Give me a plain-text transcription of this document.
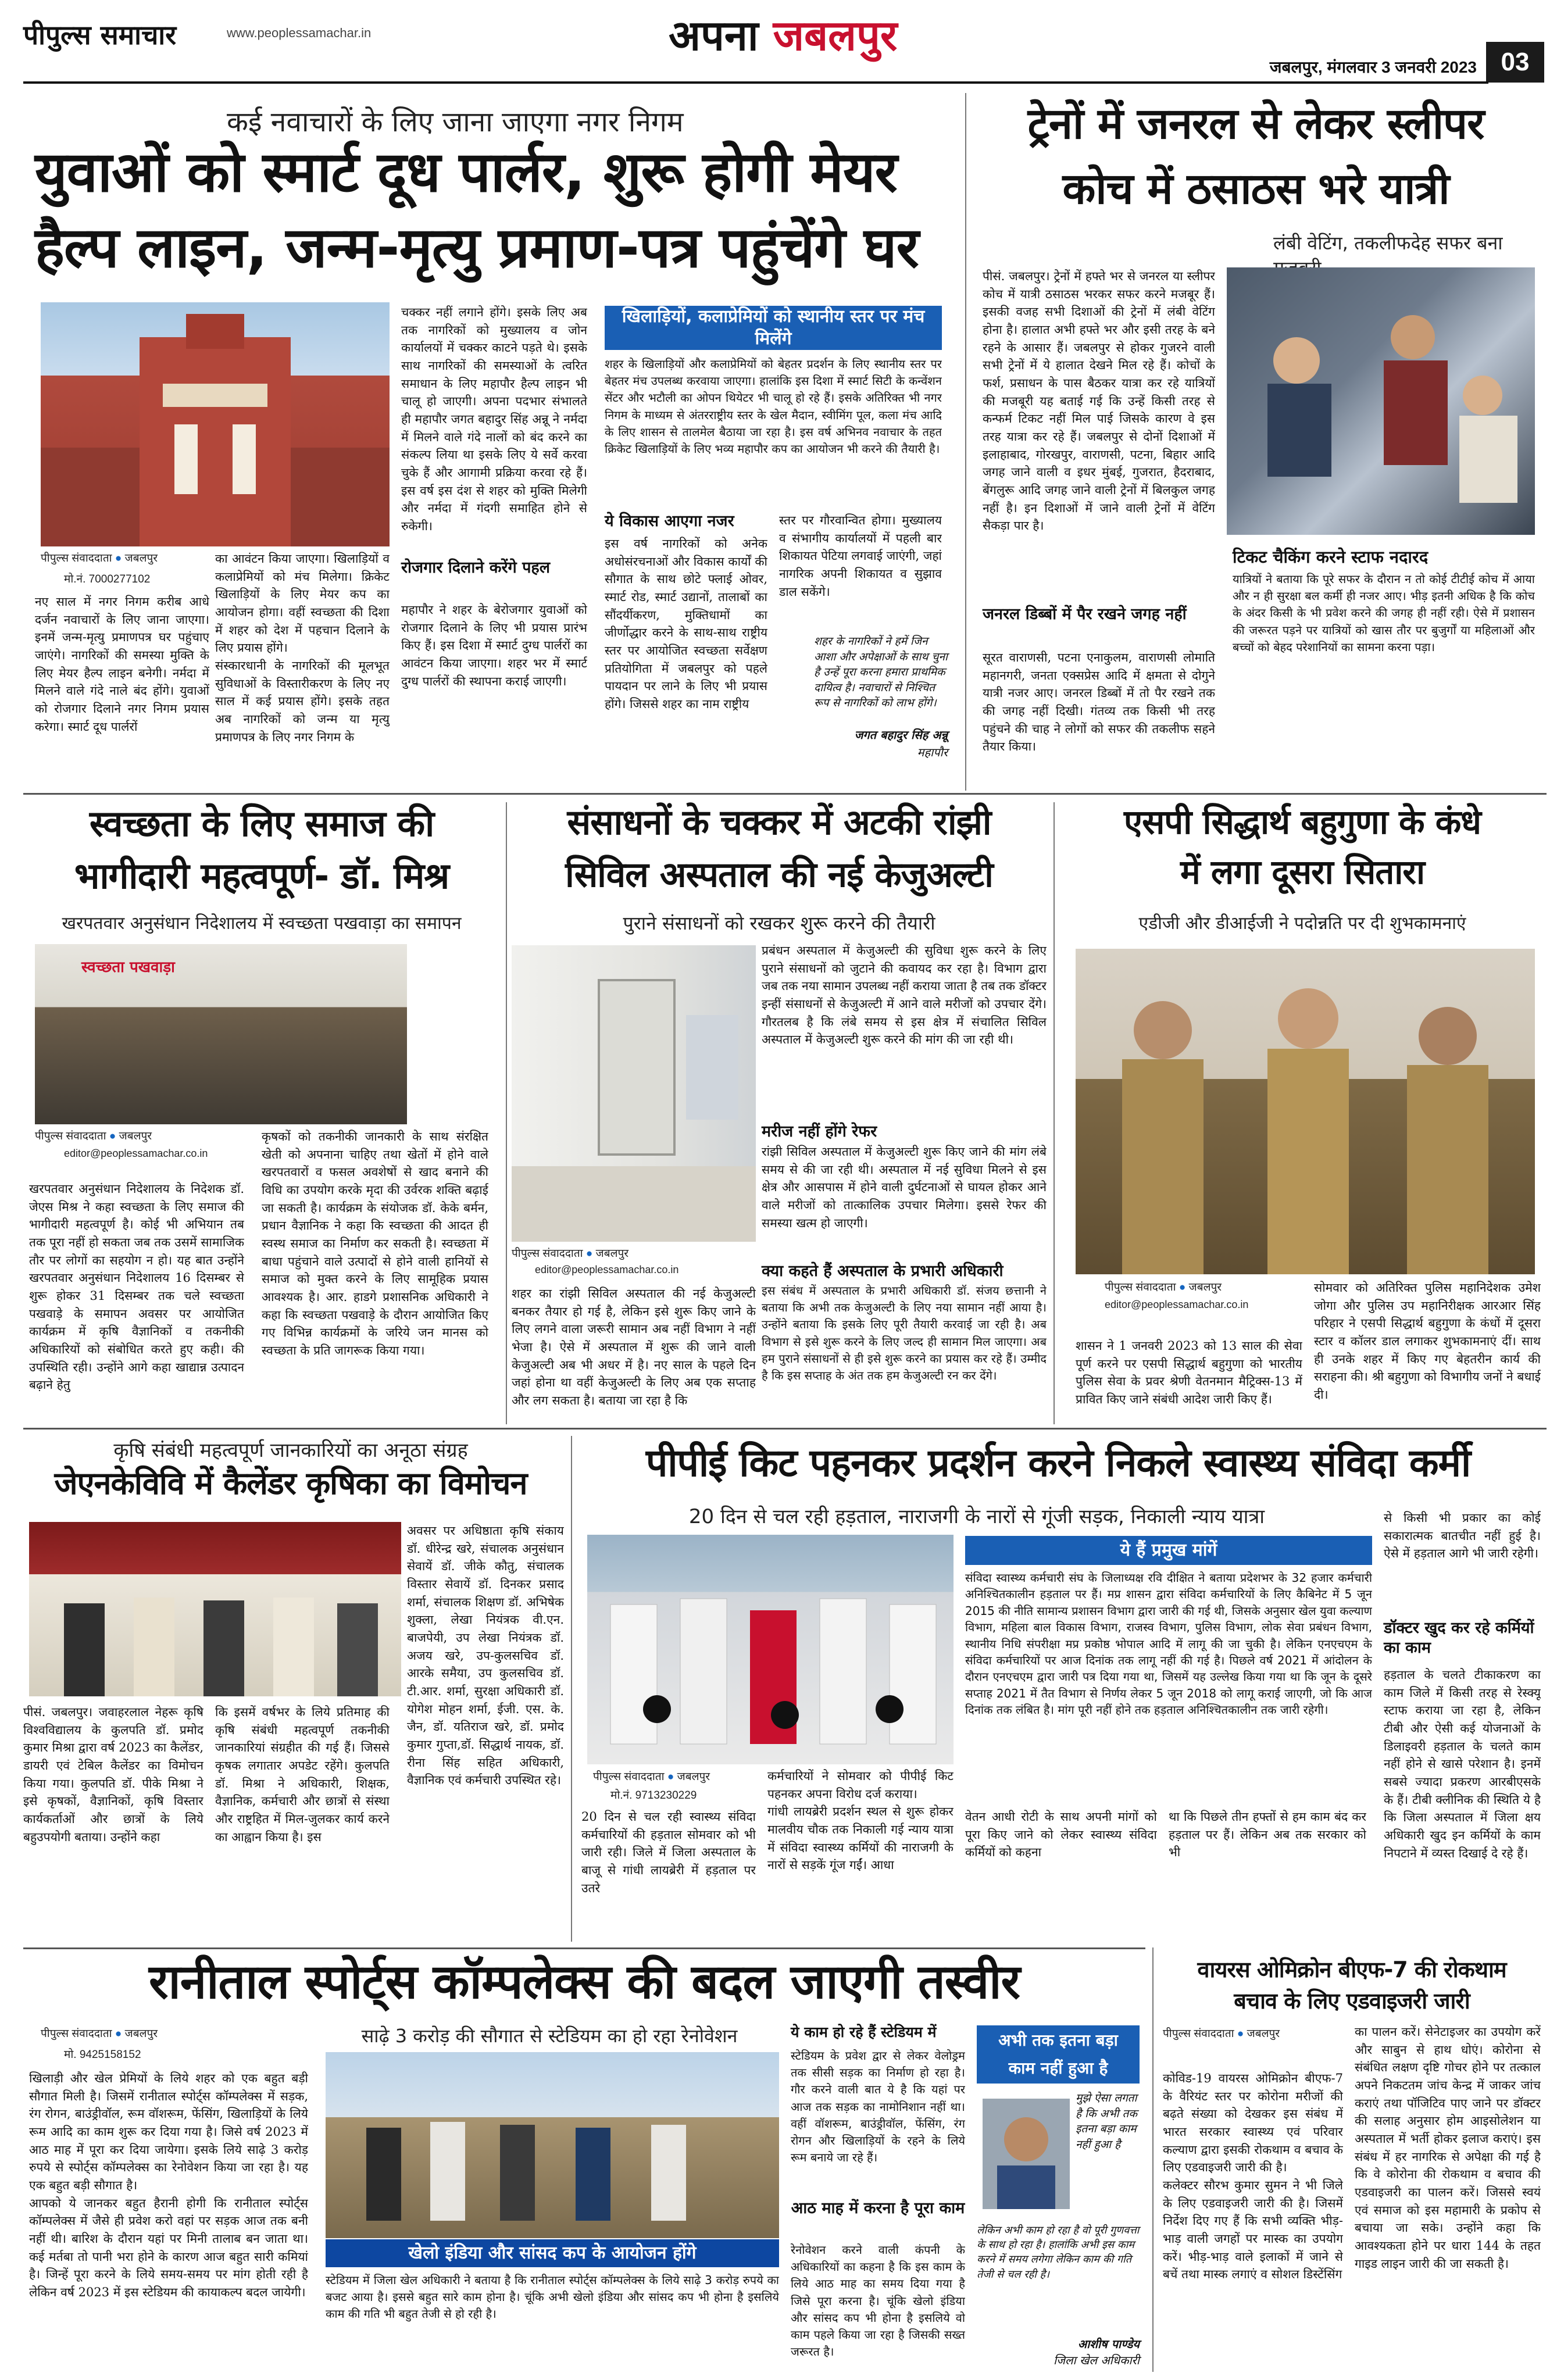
पीपुल्स समाचार	www.peoplessamachar.in	अपना जबलपुर
जबलपुर, मंगलवार 3 जनवरी 2023 03
कई नवाचारों के लिए जाना जाएगा नगर निगम
युवाओं को स्मार्ट दूध पार्लर, शुरू होगी मेयर
हैल्प लाइन, जन्म-मृत्यु प्रमाण-पत्र पहुंचेंगे घर
पीपुल्स संवाददाता ● जबलपुर
मो.नं. 7000277102
नए साल में नगर निगम करीब आधे दर्जन नवाचारों के लिए जाना जाएगा। इनमें जन्म-मृत्यु प्रमाणपत्र घर पहुंचाए जाएंगे। नागरिकों की समस्या मुक्ति के लिए मेयर हैल्प लाइन बनेगी। नर्मदा में मिलने वाले गंदे नाले बंद होंगे। युवाओं को रोजगार दिलाने नगर निगम प्रयास करेगा। स्मार्ट दूध पार्लरों
चक्कर नहीं लगाने होंगे। इसके लिए अब तक नागरिकों को मुख्यालय व जोन कार्यालयों में चक्कर काटने पड़ते थे। इसके साथ नागरिकों की समस्याओं के त्वरित समाधान के लिए महापौर हैल्प लाइन भी चालू हो जाएगी। अपना पदभार संभालते ही महापौर जगत बहादुर सिंह अन्नू ने नर्मदा में मिलने वाले गंदे नालों को बंद करने का संकल्प लिया था इसके लिए ये सर्वे करवा चुके हैं और आगामी प्रक्रिया करवा रहे हैं। इस वर्ष इस दंश से शहर को मुक्ति मिलेगी और नर्मदा में गंदगी समाहित होने से रुकेगी।
का आवंटन किया जाएगा। खिलाड़ियों व कलाप्रेमियों को मंच मिलेगा। क्रिकेट खिलाड़ियों के लिए मेयर कप का आयोजन होगा। वहीं स्वच्छता की दिशा में शहर को देश में पहचान दिलाने के लिए प्रयास होंगे।
संस्कारधानी के नागरिकों की मूलभूत सुविधाओं के विस्तारीकरण के लिए नए साल में कई प्रयास होंगे। इसके तहत अब नागरिकों को जन्म या मृत्यु प्रमाणपत्र के लिए नगर निगम के
रोजगार दिलाने करेंगे पहल
महापौर ने शहर के बेरोजगार युवाओं को रोजगार दिलाने के लिए भी प्रयास प्रारंभ किए हैं। इस दिशा में स्मार्ट दुग्ध पार्लरों का आवंटन किया जाएगा। शहर भर में स्मार्ट दुग्ध पार्लरों की स्थापना कराई जाएगी।
खिलाड़ियों, कलाप्रेमियों को स्थानीय स्तर पर मंच मिलेंगे
शहर के खिलाड़ियों और कलाप्रेमियों को बेहतर प्रदर्शन के लिए स्थानीय स्तर पर बेहतर मंच उपलब्ध करवाया जाएगा। हालांकि इस दिशा में स्मार्ट सिटी के कन्वेंशन सेंटर और भटौली का ओपन थियेटर भी चालू हो रहे हैं। इसके अतिरिक्त भी नगर निगम के माध्यम से अंतरराष्ट्रीय स्तर के खेल मैदान, स्वीमिंग पूल, कला मंच आदि के लिए शासन से तालमेल बैठाया जा रहा है। इस वर्ष अभिनव नवाचार के तहत क्रिकेट खिलाड़ियों के लिए भव्य महापौर कप का आयोजन भी करने की तैयारी है।
ये विकास आएगा नजर
इस वर्ष नागरिकों को अनेक अधोसंरचनाओं और विकास कार्यों की सौगात के साथ छोटे फ्लाई ओवर, स्मार्ट रोड, स्मार्ट उद्यानों, तालाबों का सौंदर्यीकरण, मुक्तिधामों का जीर्णोद्धार करने के साथ-साथ राष्ट्रीय स्तर पर आयोजित स्वच्छता सर्वेक्षण प्रतियोगिता में जबलपुर को पहले पायदान पर लाने के लिए भी प्रयास होंगे। जिससे शहर का नाम राष्ट्रीय
स्तर पर गौरवान्वित होगा। मुख्यालय व संभागीय कार्यालयों में पहली बार शिकायत पेटिया लगवाई जाएंगी, जहां नागरिक अपनी शिकायत व सुझाव डाल सकेंगे।
शहर के नागरिकों ने हमें जिन आशा और अपेक्षाओं के साथ चुना है उन्हें पूरा करना हमारा प्राथमिक दायित्व है। नवाचारों से निश्चित रूप से नागरिकों को लाभ होंगे।
जगत बहादुर सिंह अन्नू
महापौर
ट्रेनों में जनरल से लेकर स्लीपर
कोच में ठसाठस भरे यात्री
लंबी वेटिंग, तकलीफदेह सफर बना
पीसं. जबलपुर। ट्रेनों में हफ्ते भर से जनरल या स्लीपर कोच में यात्री ठसाठस भरकर सफर करने मजबूर हैं। इसकी वजह सभी दिशाओं की ट्रेनों में लंबी वेटिंग होना है। हालात अभी हफ्ते भर और इसी तरह के बने रहने के आसार हैं। जबलपुर से होकर गुजरने वाली सभी ट्रेनों में ये हालात देखने मिल रहे हैं। कोचों के फर्श, प्रसाधन के पास बैठकर यात्रा कर रहे यात्रियों की मजबूरी यह बताई गई कि उन्हें किसी तरह से कन्फर्म टिकट नहीं मिल पाई जिसके कारण वे इस तरह यात्रा कर रहे हैं। जबलपुर से दोनों दिशाओं में इलाहाबाद, गोरखपुर, वाराणसी, पटना, बिहार आदि जगह जाने वाली व इधर मुंबई, गुजरात, हैदराबाद, बेंगलुरू आदि जगह जाने वाली ट्रेनों में बिलकुल जगह नहीं है। इन दिशाओं में जाने वाली ट्रेनों में वेटिंग सैकड़ा पार है।
जनरल डिब्बों में पैर रखने जगह नहीं
सूरत वाराणसी, पटना एनाकुलम, वाराणसी लोमाति महानगरी, जनता एक्सप्रेस आदि में क्षमता से दोगुने यात्री नजर आए। जनरल डिब्बों में तो पैर रखने तक की जगह नहीं दिखी। गंतव्य तक किसी भी तरह पहुंचने की चाह ने लोगों को सफर की तकलीफ सहने तैयार किया।
टिकट चैकिंग करने स्टाफ नदारद
यात्रियों ने बताया कि पूरे सफर के दौरान न तो कोई टीटीई कोच में आया और न ही सुरक्षा बल कर्मी ही नजर आए। भीड़ इतनी अधिक है कि कोच के अंदर किसी के भी प्रवेश करने की जगह ही नहीं रही। ऐसे में प्रशासन की जरूरत पड़ने पर यात्रियों को खास तौर पर बुजुर्गों या महिलाओं और बच्चों को बेहद परेशानियों का सामना करना पड़ा।
स्वच्छता के लिए समाज की
भागीदारी महत्वपूर्ण- डॉ. मिश्र
खरपतवार अनुसंधान निदेशालय में स्वच्छता पखवाड़ा का समापन
स्वच्छता पखवाड़ा
पीपुल्स संवाददाता ● जबलपुर
editor@peoplessamachar.co.in
खरपतवार अनुसंधान निदेशालय के निदेशक डॉ. जेएस मिश्र ने कहा स्वच्छता के लिए समाज की भागीदारी महत्वपूर्ण है। कोई भी अभियान तब तक पूरा नहीं हो सकता जब तक उसमें सामाजिक तौर पर लोगों का सहयोग न हो। यह बात उन्होंने खरपतवार अनुसंधान निदेशालय 16 दिसम्बर से शुरू होकर 31 दिसम्बर तक चले स्वच्छता पखवाड़े के समापन अवसर पर आयोजित कार्यक्रम में कृषि वैज्ञानिकों व तकनीकी अधिकारियों को संबोधित करते हुए कही। की उपस्थिति रही। उन्होंने आगे कहा खाद्यान्न उत्पादन बढ़ाने हेतु
कृषकों को तकनीकी जानकारी के साथ संरक्षित खेती को अपनाना चाहिए तथा खेतों में होने वाले खरपतवारों व फसल अवशेषों से खाद बनाने की विधि का उपयोग करके मृदा की उर्वरक शक्ति बढ़ाई जा सकती है। कार्यक्रम के संयोजक डॉ. केके बर्मन, प्रधान वैज्ञानिक ने कहा कि स्वच्छता की आदत ही स्वस्थ समाज का निर्माण कर सकती है। स्वच्छता में बाधा पहुंचाने वाले उत्पादों से होने वाली हानियों से समाज को मुक्त करने के लिए सामूहिक प्रयास आवश्यक है। आर. हाडगे प्रशासनिक अधिकारी ने कहा कि स्वच्छता पखवाड़े के दौरान आयोजित किए गए विभिन्न कार्यक्रमों के जरिये जन मानस को स्वच्छता के प्रति जागरूक किया गया।
संसाधनों के चक्कर में अटकी रांझी
सिविल अस्पताल की नई केजुअल्टी
पुराने संसाधनों को रखकर शुरू करने की तैयारी
पीपुल्स संवाददाता ● जबलपुर
editor@peoplessamachar.co.in
प्रबंधन अस्पताल में केजुअल्टी की सुविधा शुरू करने के लिए पुराने संसाधनों को जुटाने की कवायद कर रहा है। विभाग द्वारा जब तक नया सामान उपलब्ध नहीं कराया जाता है तब तक डॉक्टर इन्हीं संसाधनों से केजुअल्टी में आने वाले मरीजों को उपचार देंगे। गौरतलब है कि लंबे समय से इस क्षेत्र में संचालित सिविल अस्पताल में केजुअल्टी शुरू करने की मांग की जा रही थी।
मरीज नहीं होंगे रेफर
रांझी सिविल अस्पताल में केजुअल्टी शुरू किए जाने की मांग लंबे समय से की जा रही थी। अस्पताल में नई सुविधा मिलने से इस क्षेत्र और आसपास में होने वाली दुर्घटनाओं से घायल होकर आने वाले मरीजों को तात्कालिक उपचार मिलेगा। इससे रेफर की समस्या खत्म हो जाएगी।
क्या कहते हैं अस्पताल के प्रभारी अधिकारी
इस संबंध में अस्पताल के प्रभारी अधिकारी डॉ. संजय छत्तानी ने बताया कि अभी तक केजुअल्टी के लिए नया सामान नहीं आया है। उन्होंने बताया कि इसके लिए पूरी तैयारी करवाई जा रही है। अब विभाग से इसे शुरू करने के लिए जल्द ही सामान मिल जाएगा। अब हम पुराने संसाधनों से ही इसे शुरू करने का प्रयास कर रहे हैं। उम्मीद है कि इस सप्ताह के अंत तक हम केजुअल्टी रन कर देंगे।
शहर का रांझी सिविल अस्पताल की नई केजुअल्टी बनकर तैयार हो गई है, लेकिन इसे शुरू किए जाने के लिए लगने वाला जरूरी सामान अब नहीं विभाग ने नहीं भेजा है। ऐसे में अस्पताल में शुरू की जाने वाली केजुअल्टी अब भी अधर में है। नए साल के पहले दिन जहां होना था वहीं केजुअल्टी के लिए अब एक सप्ताह और लग सकता है। बताया जा रहा है कि
एसपी सिद्धार्थ बहुगुणा के कंधे
में लगा दूसरा सितारा
एडीजी और डीआईजी ने पदोन्नति पर दी शुभकामनाएं
पीपुल्स संवाददाता ● जबलपुर
editor@peoplessamachar.co.in
शासन ने 1 जनवरी 2023 को 13 साल की सेवा पूर्ण करने पर एसपी सिद्धार्थ बहुगुणा को भारतीय पुलिस सेवा के प्रवर श्रेणी वेतनमान मैट्रिक्स-13 में प्रावित किए जाने संबंधी आदेश जारी किए हैं।
सोमवार को अतिरिक्त पुलिस महानिदेशक उमेश जोगा और पुलिस उप महानिरीक्षक आरआर सिंह परिहार ने एसपी सिद्धार्थ बहुगुणा के कंधों में दूसरा स्टार व कॉलर डाल लगाकर शुभकामनाएं दीं। साथ ही उनके शहर में किए गए बेहतरीन कार्य की सराहना की। श्री बहुगुणा को विभागीय जनों ने बधाई दी।
कृषि संबंधी महत्वपूर्ण जानकारियों का अनूठा संग्रह
जेएनकेविवि में कैलेंडर कृषिका का विमोचन
पीसं. जबलपुर। जवाहरलाल नेहरू कृषि विश्वविद्यालय के कुलपति डॉ. प्रमोद कुमार मिश्रा द्वारा वर्ष 2023 का कैलेंडर, डायरी एवं टेबिल कैलेंडर का विमोचन किया गया। कुलपति डॉ. पीके मिश्रा ने इसे कृषकों, वैज्ञानिकों, कृषि विस्तार कार्यकर्ताओं और छात्रों के लिये बहुउपयोगी बताया। उन्होंने कहा
कि इसमें वर्षभर के लिये प्रतिमाह की कृषि संबंधी महत्वपूर्ण तकनीकी जानकारियां संग्रहीत की गई हैं। जिससे कृषक लगातार अपडेट रहेंगे। कुलपति डॉ. मिश्रा ने अधिकारी, शिक्षक, वैज्ञानिक, कर्मचारी और छात्रों से संस्था और राष्ट्रहित में मिल-जुलकर कार्य करने का आह्वान किया है। इस
अवसर पर अधिष्ठाता कृषि संकाय डॉ. धीरेन्द्र खरे, संचालक अनुसंधान सेवायें डॉ. जीके कौतु, संचालक विस्तार सेवायें डॉ. दिनकर प्रसाद शर्मा, संचालक शिक्षण डॉ. अभिषेक शुक्ला, लेखा नियंत्रक वी.एन. बाजपेयी, उप लेखा नियंत्रक डॉ. अजय खरे, उप-कुलसचिव डॉ. आरके समैया, उप कुलसचिव डॉ. टी.आर. शर्मा, सुरक्षा अधिकारी डॉ. योगेश मोहन शर्मा, ईजी. एस. के. जैन, डॉ. यतिराज खरे, डॉ. प्रमोद कुमार गुप्ता,डॉ. सिद्धार्थ नायक, डॉ. रीना सिंह सहित अधिकारी, वैज्ञानिक एवं कर्मचारी उपस्थित रहे।
पीपीई किट पहनकर प्रदर्शन करने निकले स्वास्थ्य संविदा कर्मी
20 दिन से चल रही हड़ताल, नाराजगी के नारों से गूंजी सड़क, निकाली न्याय यात्रा
पीपुल्स संवाददाता ● जबलपुर
मो.नं. 9713230229
20 दिन से चल रही स्वास्थ्य संविदा कर्मचारियों की हड़ताल सोमवार को भी जारी रही। जिले में जिला अस्पताल के बाजू से गांधी लायब्रेरी में हड़ताल पर उतरे
कर्मचारियों ने सोमवार को पीपीई किट पहनकर अपना विरोध दर्ज कराया।
गांधी लायब्रेरी प्रदर्शन स्थल से शुरू होकर मालवीय चौक तक निकाली गई न्याय यात्रा में संविदा स्वास्थ्य कर्मियों की नाराजगी के नारों से सड़कें गूंज गईं। आधा
ये हैं प्रमुख मांगें
संविदा स्वास्थ्य कर्मचारी संघ के जिलाध्यक्ष रवि दीक्षित ने बताया प्रदेशभर के 32 हजार कर्मचारी अनिश्चितकालीन हड़ताल पर हैं। मप्र शासन द्वारा संविदा कर्मचारियों के लिए कैबिनेट में 5 जून 2015 की नीति सामान्य प्रशासन विभाग द्वारा जारी की गई थी, जिसके अनुसार खेल युवा कल्याण विभाग, महिला बाल विकास विभाग, राजस्व विभाग, पुलिस विभाग, लोक सेवा प्रबंधन विभाग, स्थानीय निधि संपरीक्षा मप्र प्रकोष्ठ भोपाल आदि में लागू की जा चुकी है। लेकिन एनएचएम के संविदा कर्मचारियों पर आज दिनांक तक लागू नहीं की गई है। पिछले वर्ष 2021 में आंदोलन के दौरान एनएचएम द्वारा जारी पत्र दिया गया था, जिसमें यह उल्लेख किया गया था कि जून के दूसरे सप्ताह 2021 में तैत विभाग से निर्णय लेकर 5 जून 2018 को लागू कराई जाएगी, जो कि आज दिनांक तक लंबित है। मांग पूरी नहीं होने तक हड़ताल अनिश्चितकालीन तक जारी रहेगी।
वेतन आधी रोटी के साथ अपनी मांगों को पूरा किए जाने को लेकर स्वास्थ्य संविदा कर्मियों को कहना
था कि पिछले तीन हफ्तों से हम काम बंद कर हड़ताल पर हैं। लेकिन अब तक सरकार को भी
से किसी भी प्रकार का कोई सकारात्मक बातचीत नहीं हुई है। ऐसे में हड़ताल आगे भी जारी रहेगी।
डॉक्टर खुद कर रहे कर्मियों का काम
हड़ताल के चलते टीकाकरण का काम जिले में किसी तरह से रेस्क्यू स्टाफ कराया जा रहा है, लेकिन टीबी और ऐसी कई योजनाओं के डिलाइवरी हड़ताल के चलते काम नहीं होने से खासे परेशान है। इनमें सबसे ज्यादा प्रकरण आरबीएसके के हैं। टीबी क्लीनिक की स्थिति ये है कि जिला अस्पताल में जिला क्षय अधिकारी खुद इन कर्मियों के काम निपटाने में व्यस्त दिखाई दे रहे हैं।
रानीताल स्पोर्ट्स कॉम्पलेक्स की बदल जाएगी तस्वीर
पीपुल्स संवाददाता ● जबलपुर
मो. 9425158152
खिलाड़ी और खेल प्रेमियों के लिये शहर को एक बहुत बड़ी सौगात मिली है। जिसमें रानीताल स्पोर्ट्स कॉम्पलेक्स में सड़क, रंग रोगन, बाउंड्रीवॉल, रूम वॉशरूम, फेंसिंग, खिलाड़ियों के लिये रूम आदि का काम शुरू कर दिया गया है। जिसे वर्ष 2023 में आठ माह में पूरा कर दिया जायेगा। इसके लिये साढ़े 3 करोड़ रुपये से स्पोर्ट्स कॉम्पलेक्स का रेनोवेशन किया जा रहा है। यह एक बहुत बड़ी सौगात है।
आपको ये जानकर बहुत हैरानी होगी कि रानीताल स्पोर्ट्स कॉम्पलेक्स में जैसे ही प्रवेश करो वहां पर सड़क आज तक बनी नहीं थी। बारिश के दौरान यहां पर मिनी तालाब बन जाता था। कई मर्तबा तो पानी भरा होने के कारण आज बहुत सारी कमियां है। जिन्हें पूरा करने के लिये समय-समय पर मांग होती रही है लेकिन वर्ष 2023 में इस स्टेडियम की कायाकल्प बदल जायेगी।
साढ़े 3 करोड़ की सौगात से स्टेडियम का हो रहा रेनोवेशन
खेलो इंडिया और सांसद कप के आयोजन होंगे
स्टेडियम में जिला खेल अधिकारी ने बताया है कि रानीताल स्पोर्ट्स कॉम्पलेक्स के लिये साढ़े 3 करोड़ रुपये का बजट आया है। इससे बहुत सारे काम होना है। चूंकि अभी खेलो इंडिया और सांसद कप भी होना है इसलिये काम की गति भी बहुत तेजी से हो रही है।
ये काम हो रहे हैं स्टेडियम में
स्टेडियम के प्रवेश द्वार से लेकर वेलोड्रम तक सीसी सड़क का निर्माण हो रहा है। गौर करने वाली बात ये है कि यहां पर आज तक सड़क का नामोनिशान नहीं था। वहीं वॉशरूम, बाउंड्रीवॉल, फेंसिंग, रंग रोगन और खिलाड़ियों के रहने के लिये रूम बनाये जा रहे हैं।
आठ माह में करना है पूरा काम
रेनोवेशन करने वाली कंपनी के अधिकारियों का कहना है कि इस काम के लिये आठ माह का समय दिया गया है जिसे पूरा करना है। चूंकि खेलो इंडिया और सांसद कप भी होना है इसलिये वो काम पहले किया जा रहा है जिसकी सख्त जरूरत है।
अभी तक इतना बड़ा काम नहीं हुआ है
मुझे ऐसा लगता है कि अभी तक इतना बड़ा काम नहीं हुआ है
लेकिन अभी काम हो रहा है वो पूरी गुणवत्ता के साथ हो रहा है। हालांकि अभी इस काम करने में समय लगेगा लेकिन काम की गति तेजी से चल रही है।
आशीष पाण्डेय
जिला खेल अधिकारी
वायरस ओमिक्रोन बीएफ-7 की रोकथाम
बचाव के लिए एडवाइजरी जारी
पीपुल्स संवाददाता ● जबलपुर
कोविड-19 वायरस ओमिक्रोन बीएफ-7 के वैरियंट स्तर पर कोरोना मरीजों की बढ़ते संख्या को देखकर इस संबंध में भारत सरकार स्वास्थ्य एवं परिवार कल्याण द्वारा इसकी रोकथाम व बचाव के लिए एडवाइजरी जारी की है।
कलेक्टर सौरभ कुमार सुमन ने भी जिले के लिए एडवाइजरी जारी की है। जिसमें निर्देश दिए गए हैं कि सभी व्यक्ति भीड़-भाड़ वाली जगहों पर मास्क का उपयोग करें। भीड़-भाड़ वाले इलाकों में जाने से बचें तथा मास्क लगाएं व सोशल डिस्टेंसिंग
का पालन करें। सेनेटाइजर का उपयोग करें और साबुन से हाथ धोएं। कोरोना से संबंधित लक्षण दृष्टि गोचर होने पर तत्काल अपने निकटतम जांच केन्द्र में जाकर जांच कराएं तथा पॉजिटिव पाए जाने पर डॉक्टर की सलाह अनुसार होम आइसोलेशन या अस्पताल में भर्ती होकर इलाज कराएं। इस संबंध में हर नागरिक से अपेक्षा की गई है कि वे कोरोना की रोकथाम व बचाव की एडवाइजरी का पालन करें। जिससे स्वयं एवं समाज को इस महामारी के प्रकोप से बचाया जा सके। उन्होंने कहा कि आवश्यकता होने पर धारा 144 के तहत गाइड लाइन जारी की जा सकती है।
